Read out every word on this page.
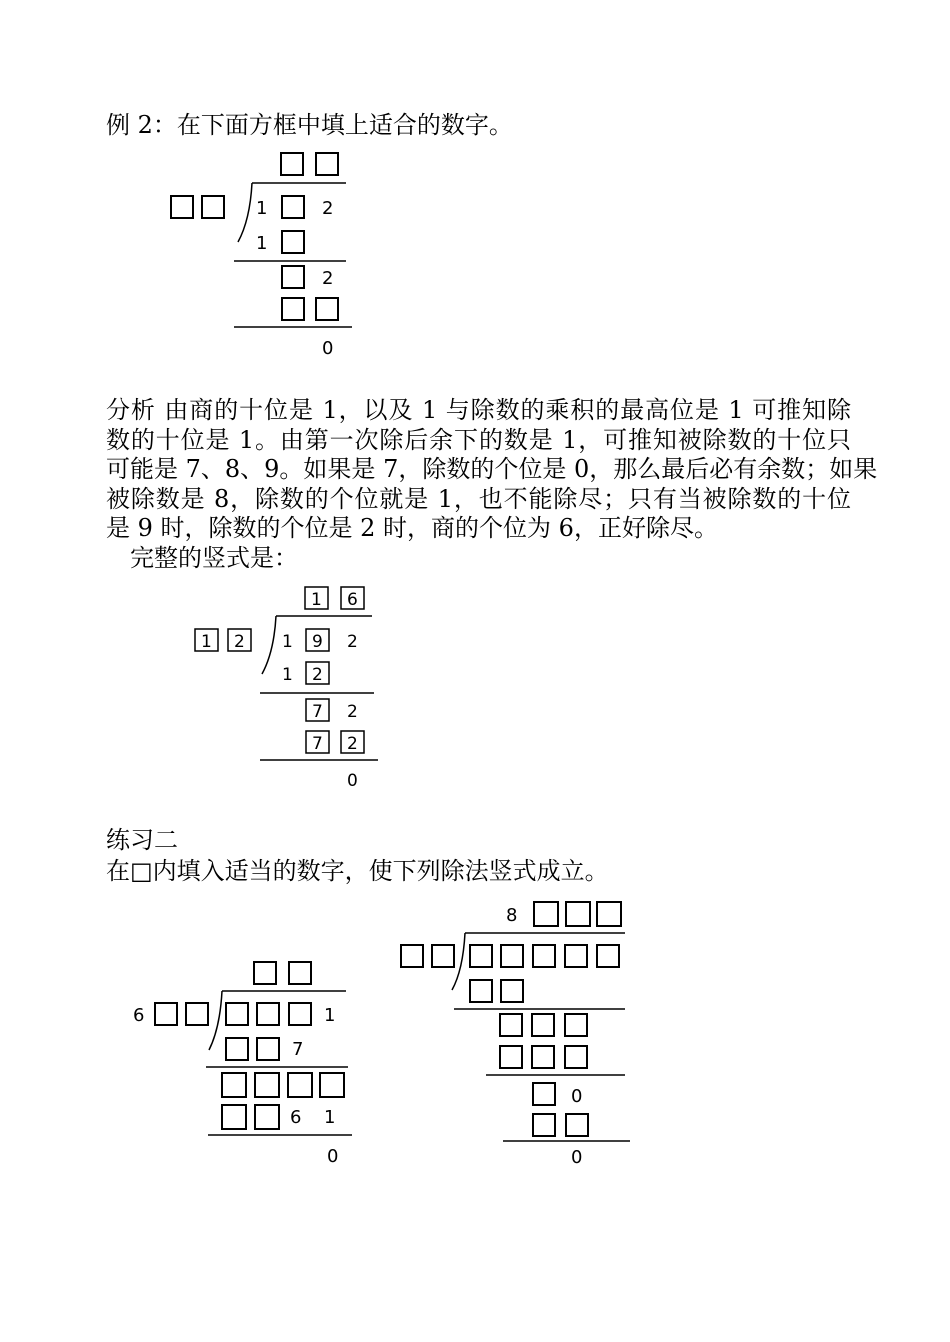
例 2：在下面方框中填上适合的数字。
1	2
1
2
0

分析 由商的十位是 1，以及 1 与除数的乘积的最高位是 1 可推知除

数的十位是 1。由第一次除后余下的数是 1，可推知被除数的十位只

可能是 7、8、9。如果是 7，除数的个位是 0，那么最后必有余数；如果

被除数是 8，除数的个位就是 1，也不能除尽；只有当被除数的十位

是 9 时，除数的个位是 2 时，商的个位为 6，正好除尽。

完整的竖式是：
1 6
1 2 1 9 2
1 2
7 2
7 2
0
练习二
在□内填入适当的数字，使下列除法竖式成立。
6	1
7
6 1
0
8
0
0
